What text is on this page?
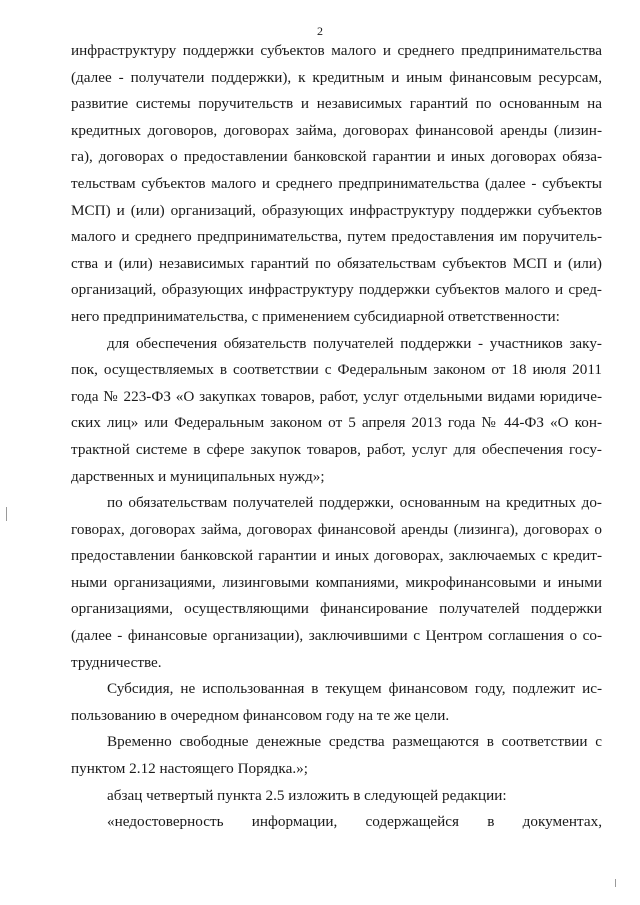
2
инфраструктуру поддержки субъектов малого и среднего предпринимательства
(далее - получатели поддержки), к кредитным и иным финансовым ресурсам,
развитие системы поручительств и независимых гарантий по основанным на
кредитных договоров, договорах займа, договорах финансовой аренды (лизин-
га), договорах о предоставлении банковской гарантии и иных договорах обяза-
тельствам субъектов малого и среднего предпринимательства (далее - субъекты
МСП) и (или) организаций, образующих инфраструктуру поддержки субъектов
малого и среднего предпринимательства, путем предоставления им поручитель-
ства и (или) независимых гарантий по обязательствам субъектов МСП и (или)
организаций, образующих инфраструктуру поддержки субъектов малого и сред-
него предпринимательства, с применением субсидиарной ответственности:
для обеспечения обязательств получателей поддержки - участников заку-
пок, осуществляемых в соответствии с Федеральным законом от 18 июля 2011
года № 223-ФЗ «О закупках товаров, работ, услуг отдельными видами юридиче-
ских лиц» или Федеральным законом от 5 апреля 2013 года № 44-ФЗ «О кон-
трактной системе в сфере закупок товаров, работ, услуг для обеспечения госу-
дарственных и муниципальных нужд»;
по обязательствам получателей поддержки, основанным на кредитных до-
говорах, договорах займа, договорах финансовой аренды (лизинга), договорах о
предоставлении банковской гарантии и иных договорах, заключаемых с кредит-
ными организациями, лизинговыми компаниями, микрофинансовыми и иными
организациями, осуществляющими финансирование получателей поддержки
(далее - финансовые организации), заключившими с Центром соглашения о со-
трудничестве.
Субсидия, не использованная в текущем финансовом году, подлежит ис-
пользованию в очередном финансовом году на те же цели.
Временно свободные денежные средства размещаются в соответствии с
пунктом 2.12 настоящего Порядка.»;
абзац четвертый пункта 2.5 изложить в следующей редакции:
«недостоверность информации, содержащейся в документах,
